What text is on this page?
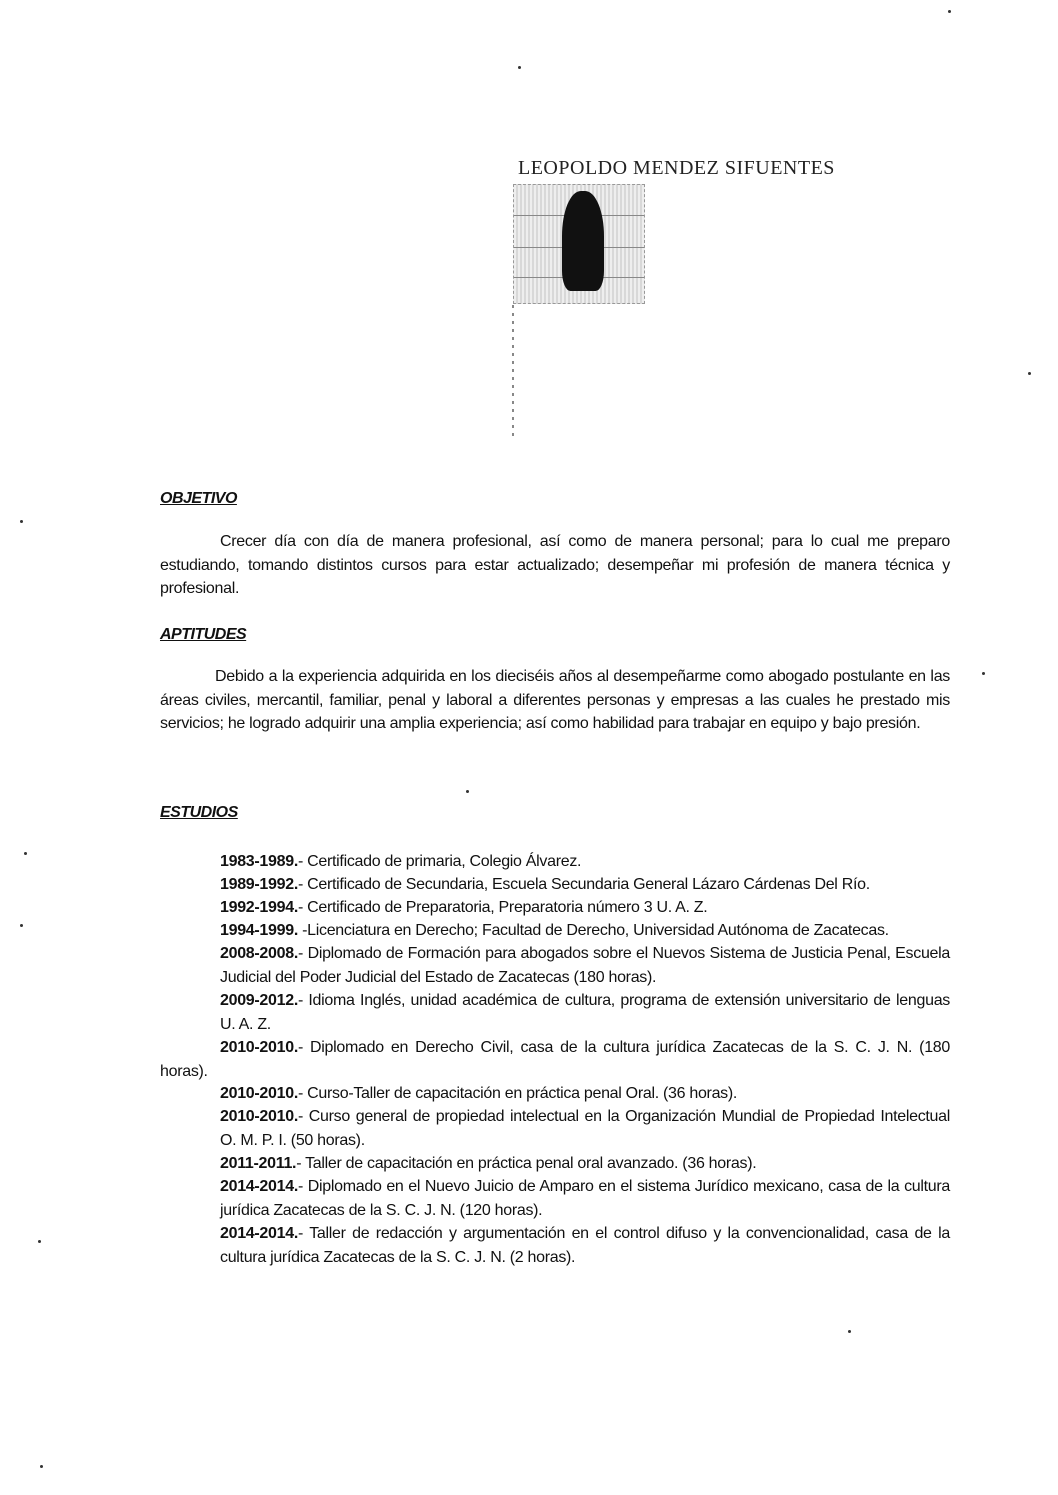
LEOPOLDO MENDEZ SIFUENTES
OBJETIVO

Crecer día con día de manera profesional, así como de manera personal; para lo cual me preparo estudiando, tomando distintos cursos para estar actualizado; desempeñar mi profesión de manera técnica y profesional.

APTITUDES

Debido a la experiencia adquirida en los dieciséis años al desempeñarme como abogado postulante en las áreas civiles, mercantil, familiar, penal y laboral a diferentes personas y empresas a las cuales he prestado mis servicios; he logrado adquirir una amplia experiencia; así como habilidad para trabajar en equipo y bajo presión.

ESTUDIOS
1983-1989.- Certificado de primaria, Colegio Álvarez.
1989-1992.- Certificado de Secundaria, Escuela Secundaria General Lázaro Cárdenas Del Río.
1992-1994.- Certificado de Preparatoria, Preparatoria número 3 U. A. Z.
1994-1999. -Licenciatura en Derecho; Facultad de Derecho, Universidad Autónoma de Zacatecas.
2008-2008.- Diplomado de Formación para abogados sobre el Nuevos Sistema de Justicia Penal, Escuela Judicial del Poder Judicial del Estado de Zacatecas (180 horas).
2009-2012.- Idioma Inglés, unidad académica de cultura, programa de extensión universitario de lenguas U. A. Z.
2010-2010.- Diplomado en Derecho Civil, casa de la cultura jurídica Zacatecas de la S. C. J. N. (180 horas).
2010-2010.- Curso-Taller de capacitación en práctica penal Oral. (36 horas).
2010-2010.- Curso general de propiedad intelectual en la Organización Mundial de Propiedad Intelectual O. M. P. I. (50 horas).
2011-2011.- Taller de capacitación en práctica penal oral avanzado. (36 horas).
2014-2014.- Diplomado en el Nuevo Juicio de Amparo en el sistema Jurídico mexicano, casa de la cultura jurídica Zacatecas de la S. C. J. N. (120 horas).
2014-2014.- Taller de redacción y argumentación en el control difuso y la convencionalidad, casa de la cultura jurídica Zacatecas de la S. C. J. N. (2 horas).
